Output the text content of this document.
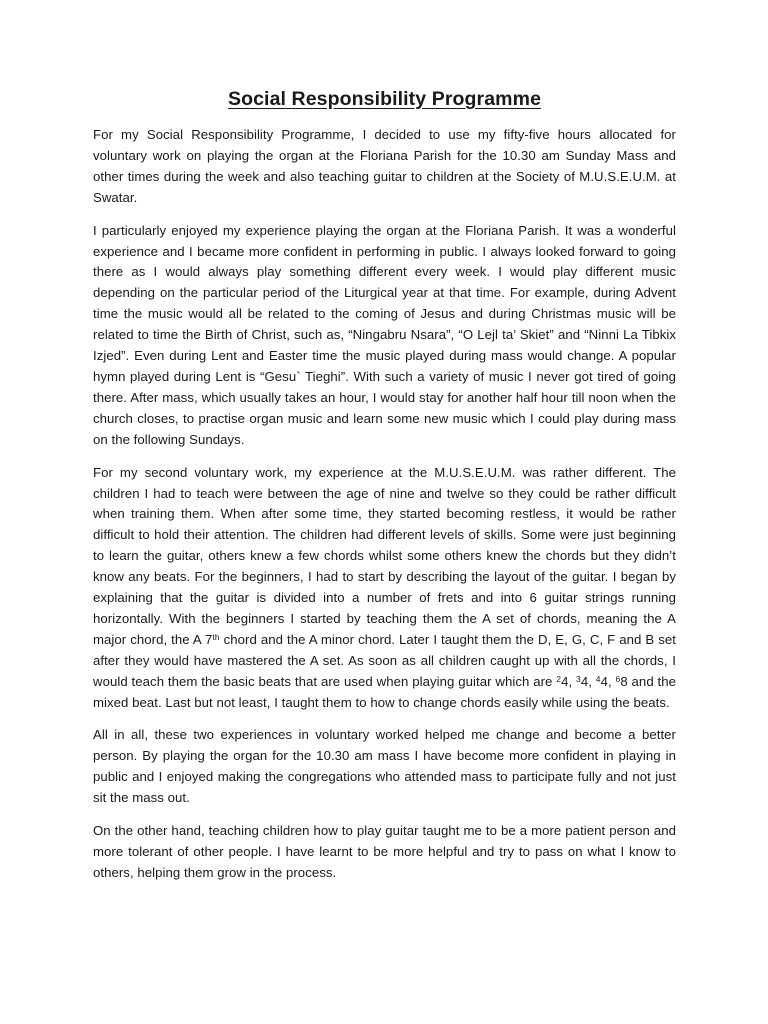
Social Responsibility Programme

For my Social Responsibility Programme, I decided to use my fifty-five hours allocated for voluntary work on playing the organ at the Floriana Parish for the 10.30 am Sunday Mass and other times during the week and also teaching guitar to children at the Society of M.U.S.E.U.M. at Swatar.

I particularly enjoyed my experience playing the organ at the Floriana Parish. It was a wonderful experience and I became more confident in performing in public. I always looked forward to going there as I would always play something different every week. I would play different music depending on the particular period of the Liturgical year at that time. For example, during Advent time the music would all be related to the coming of Jesus and during Christmas music will be related to time the Birth of Christ, such as, “Ningabru Nsara”, “O Lejl ta’ Skiet” and “Ninni La Tibkix Izjed”. Even during Lent and Easter time the music played during mass would change. A popular hymn played during Lent is “Gesu` Tieghi”. With such a variety of music I never got tired of going there. After mass, which usually takes an hour, I would stay for another half hour till noon when the church closes, to practise organ music and learn some new music which I could play during mass on the following Sundays.

For my second voluntary work, my experience at the M.U.S.E.U.M. was rather different. The children I had to teach were between the age of nine and twelve so they could be rather difficult when training them. When after some time, they started becoming restless, it would be rather difficult to hold their attention. The children had different levels of skills. Some were just beginning to learn the guitar, others knew a few chords whilst some others knew the chords but they didn’t know any beats. For the beginners, I had to start by describing the layout of the guitar. I began by explaining that the guitar is divided into a number of frets and into 6 guitar strings running horizontally. With the beginners I started by teaching them the A set of chords, meaning the A major chord, the A 7th chord and the A minor chord. Later I taught them the D, E, G, C, F and B set after they would have mastered the A set. As soon as all children caught up with all the chords, I would teach them the basic beats that are used when playing guitar which are $^2$4, $^3$4, $^4$4, $^6$8 and the mixed beat. Last but not least, I taught them to how to change chords easily while using the beats.

All in all, these two experiences in voluntary worked helped me change and become a better person. By playing the organ for the 10.30 am mass I have become more confident in playing in public and I enjoyed making the congregations who attended mass to participate fully and not just sit the mass out.

On the other hand, teaching children how to play guitar taught me to be a more patient person and more tolerant of other people. I have learnt to be more helpful and try to pass on what I know to others, helping them grow in the process.
